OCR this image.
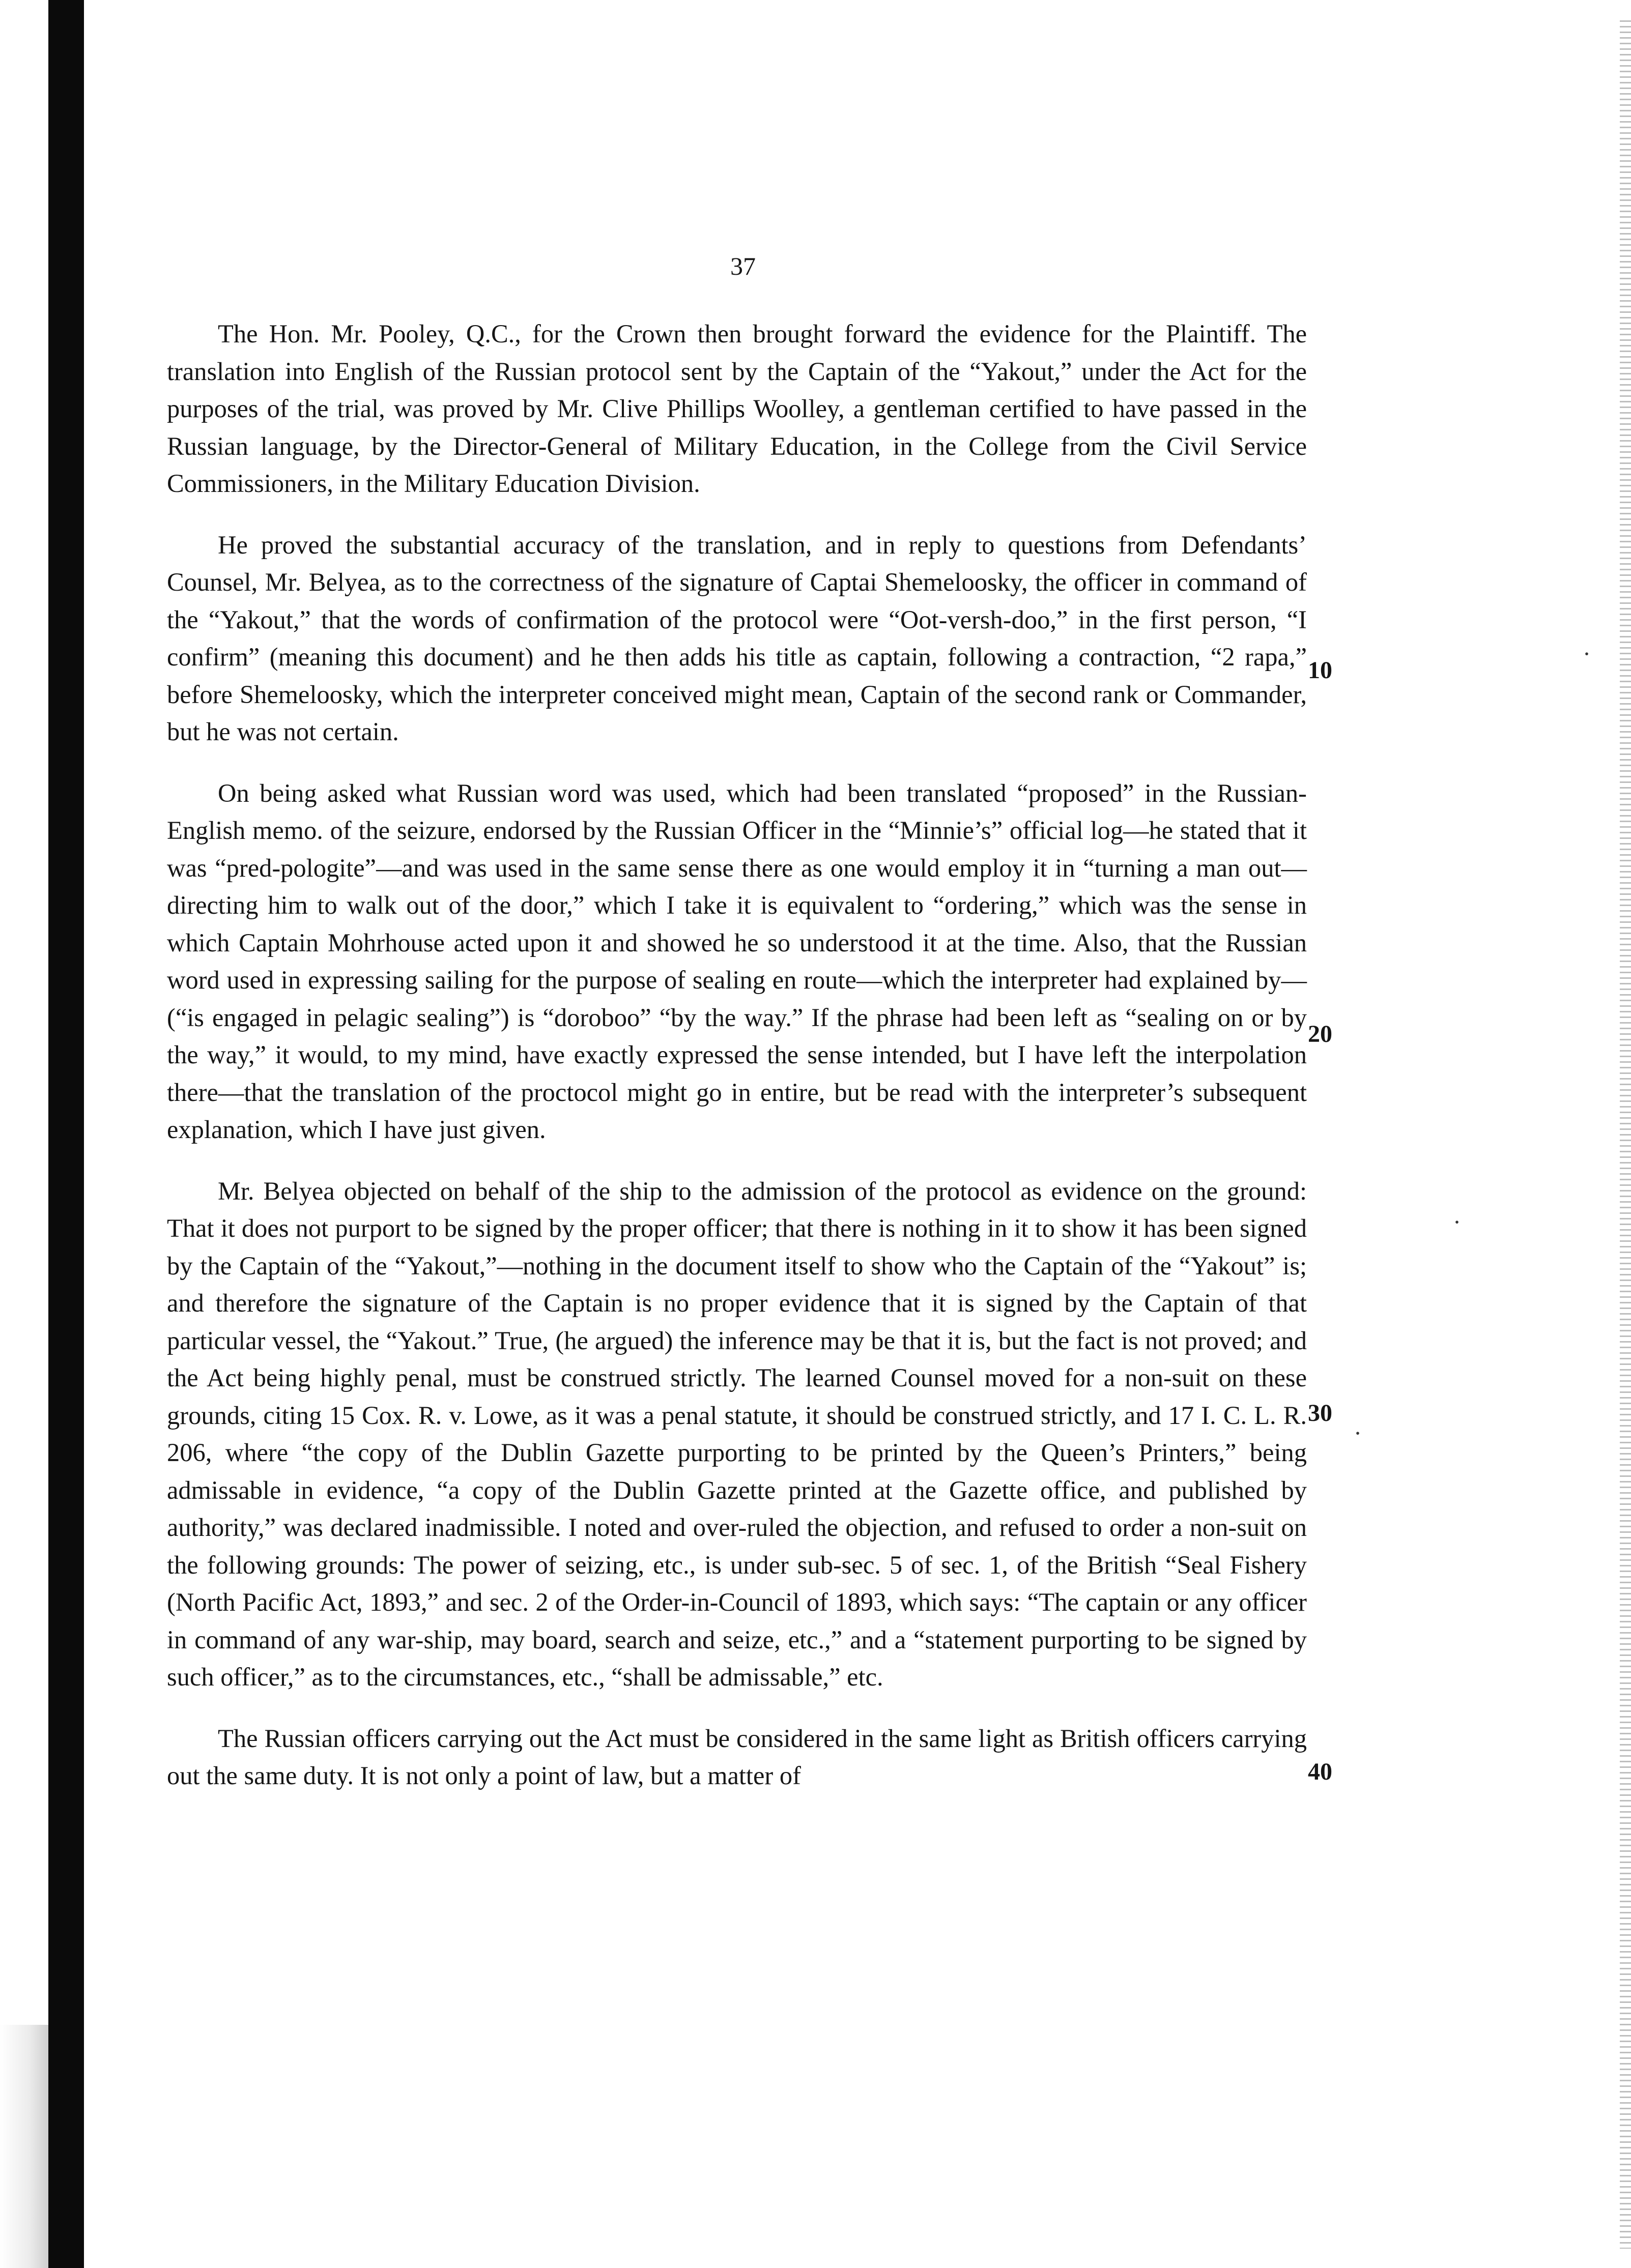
37

The Hon. Mr. Pooley, Q.C., for the Crown then brought forward the evidence for the Plaintiff. The translation into English of the Russian protocol sent by the Captain of the “Yakout,” under the Act for the purposes of the trial, was proved by Mr. Clive Phillips Woolley, a gentleman certified to have passed in the Russian language, by the Director-General of Military Education, in the College from the Civil Service Commissioners, in the Military Education Division.

He proved the substantial accuracy of the translation, and in reply to questions from Defendants’ Counsel, Mr. Belyea, as to the correctness of the signature of Captai Shemeloosky, the officer in command of the “Yakout,” that the words of confirmation of the protocol were “Oot-versh-doo,” in the first person, “I confirm” (meaning this document) and he then adds his title as captain, following a contraction, “2 rapa,” before Shemeloosky, which the interpreter conceived might mean, Captain of the second rank or Commander, but he was not certain.

On being asked what Russian word was used, which had been translated “proposed” in the Russian-English memo. of the seizure, endorsed by the Russian Officer in the “Minnie’s” official log—he stated that it was “pred-pologite”—and was used in the same sense there as one would employ it in “turning a man out—directing him to walk out of the door,” which I take it is equivalent to “ordering,” which was the sense in which Captain Mohrhouse acted upon it and showed he so understood it at the time. Also, that the Russian word used in expressing sailing for the purpose of sealing en route—which the interpreter had explained by—(“is engaged in pelagic sealing”) is “doroboo” “by the way.” If the phrase had been left as “sealing on or by the way,” it would, to my mind, have exactly expressed the sense intended, but I have left the interpolation there—that the translation of the proctocol might go in entire, but be read with the interpreter’s subsequent explanation, which I have just given.

Mr. Belyea objected on behalf of the ship to the admission of the protocol as evidence on the ground: That it does not purport to be signed by the proper officer; that there is nothing in it to show it has been signed by the Captain of the “Yakout,”—nothing in the document itself to show who the Captain of the “Yakout” is; and therefore the signature of the Captain is no proper evidence that it is signed by the Captain of that particular vessel, the “Yakout.” True, (he argued) the inference may be that it is, but the fact is not proved; and the Act being highly penal, must be construed strictly. The learned Counsel moved for a non-suit on these grounds, citing 15 Cox. R. v. Lowe, as it was a penal statute, it should be construed strictly, and 17 I. C. L. R. 206, where “the copy of the Dublin Gazette purporting to be printed by the Queen’s Printers,” being admissable in evidence, “a copy of the Dublin Gazette printed at the Gazette office, and published by authority,” was declared inadmissible. I noted and over-ruled the objection, and refused to order a non-suit on the following grounds: The power of seizing, etc., is under sub-sec. 5 of sec. 1, of the British “Seal Fishery (North Pacific Act, 1893,” and sec. 2 of the Order-in-Council of 1893, which says: “The captain or any officer in command of any war-ship, may board, search and seize, etc.,” and a “statement purporting to be signed by such officer,” as to the circumstances, etc., “shall be admissable,” etc.

The Russian officers carrying out the Act must be considered in the same light as British officers carrying out the same duty. It is not only a point of law, but a matter of

10
20
30
40
·
·
·
